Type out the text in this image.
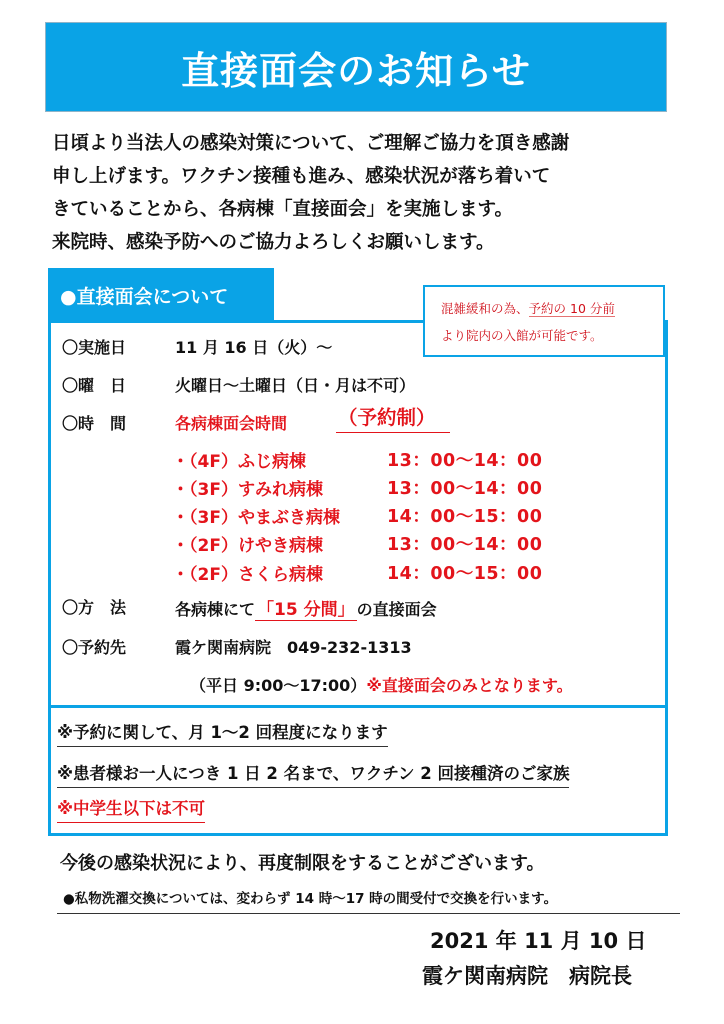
直接面会のお知らせ
日頃より当法人の感染対策について、ご理解ご協力を頂き感謝
申し上げます。ワクチン接種も進み、感染状況が落ち着いて
きていることから、各病棟「直接面会」を実施します。
来院時、感染予防へのご協力よろしくお願いします。
●直接面会について
混雑緩和の為、予約の 10 分前
より院内の入館が可能です。
〇実施日	11 月 16 日（火）～
〇曜　日	火曜日～土曜日（日・月は不可）
〇時　間	各病棟面会時間	（予約制）
・（4F）ふじ病棟	13：00～14：00
・（3F）すみれ病棟	13：00～14：00
・（3F）やまぶき病棟	14：00～15：00
・（2F）けやき病棟	13：00～14：00
・（2F）さくら病棟	14：00～15：00
〇方　法	各病棟にて 「15 分間」 の直接面会
〇予約先	霞ケ関南病院　049-232-1313
（平日 9:00～17:00）※直接面会のみとなります。
※予約に関して、月 1～2 回程度になります
※患者様お一人につき 1 日 2 名まで、ワクチン 2 回接種済のご家族
※中学生以下は不可
今後の感染状況により、再度制限をすることがございます。
●私物洗濯交換については、変わらず 14 時～17 時の間受付で交換を行います。
2021 年 11 月 10 日
霞ケ関南病院　病院長
